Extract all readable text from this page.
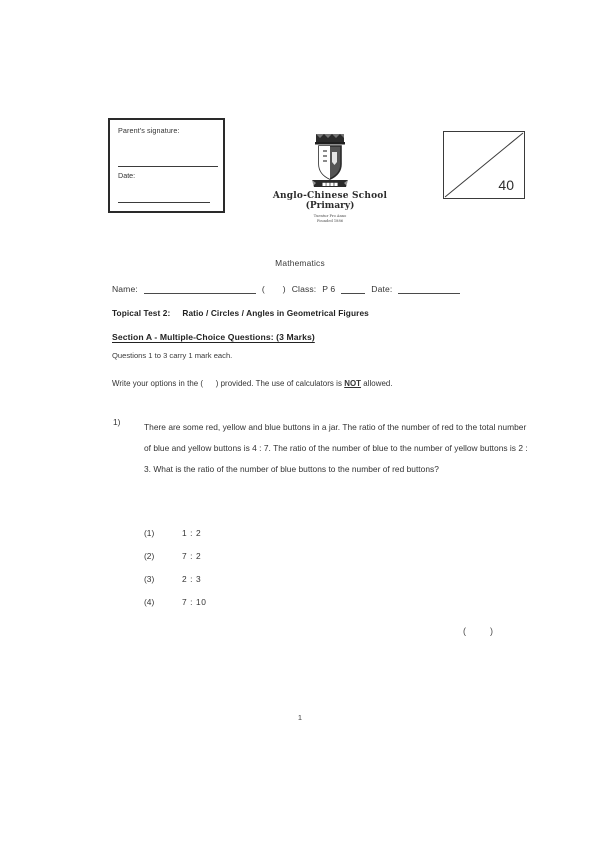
Parent's signature:
Date:
■■■■
Anglo-Chinese School
(Primary)
Tuentur Pro Anno
Founded 1886
40
Mathematics
Name:	( ) Class: P 6	Date:
Topical Test 2: Ratio / Circles / Angles in Geometrical Figures
Section A - Multiple-Choice Questions: (3 Marks)
Questions 1 to 3 carry 1 mark each.
Write your options in the ( ) provided. The use of calculators is NOT allowed.
1)	There are some red, yellow and blue buttons in a jar. The ratio of the number of red to the total number of blue and yellow buttons is 4 : 7. The ratio of the number of blue to the number of yellow buttons is 2 : 3. What is the ratio of the number of blue buttons to the number of red buttons?
(1)	1 : 2
(2)	7 : 2
(3)	2 : 3
(4)	7 : 10
()
1
